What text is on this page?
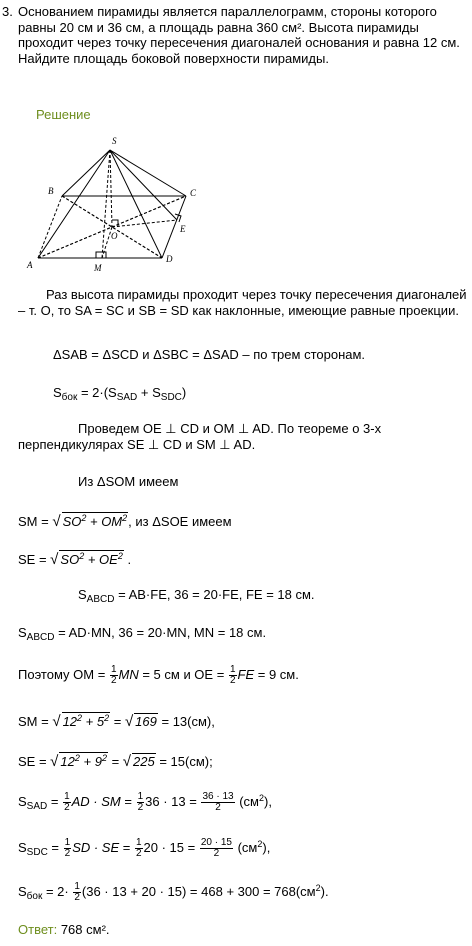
3. Основанием пирамиды является параллелограмм, стороны которого равны 20 см и 36 см, а площадь равна 360 см². Высота пирамиды проходит через точку пересечения диагоналей основания и равна 12 см. Найдите площадь боковой поверхности пирамиды.
Решение
S
A
B	C
D
E
M
O
Раз высота пирамиды проходит через точку пересечения диагоналей – т. O, то SA = SC и SB = SD как наклонные, имеющие равные проекции.
ΔSAB = ΔSCD и ΔSBC = ΔSAD – по трем сторонам.
$S_{бок} = 2\cdot(S_{SAD} + S_{SDC})$
Проведем OE ⊥ CD и OM ⊥ AD. По теореме о 3-х перпендикулярах SE ⊥ CD и SM ⊥ AD.
Из ΔSOM имеем
SM = √ $SO^2 + OM^2$, из ΔSOE имеем
SE = √ $SO^2 + OE^2$ .
$S_{ABCD} = AB\cdot FE$, 36 = 20·FE, FE = 18 см.
$S_{ABCD} = AD\cdot MN$, 36 = 20·MN, MN = 18 см.
Поэтому OM = $\frac{1}{2}$ MN = 5 см и OE = $\frac{1}{2}$ FE = 9 см.
SM = √ $12^2 + 5^2$ = √ 169 = 13(см),
SE = √ $12^2 + 9^2$ = √ 225 = 15(см);
$S_{SAD} = \frac{1}{2}$ AD · SM = $\frac{1}{2} 36 \cdot 13 = \frac{36 \cdot 13}{2} (см^2)$,
$S_{SDC} = \frac{1}{2}$ SD · SE = $\frac{1}{2} 20 \cdot 15 = \frac{20 \cdot 15}{2} (см^2)$,
$S_{бок} = 2\cdot \frac{1}{2} (36 \cdot 13 + 20 \cdot 15) = 468 + 300 = 768(см^2)$.
Ответ: 768 см².
